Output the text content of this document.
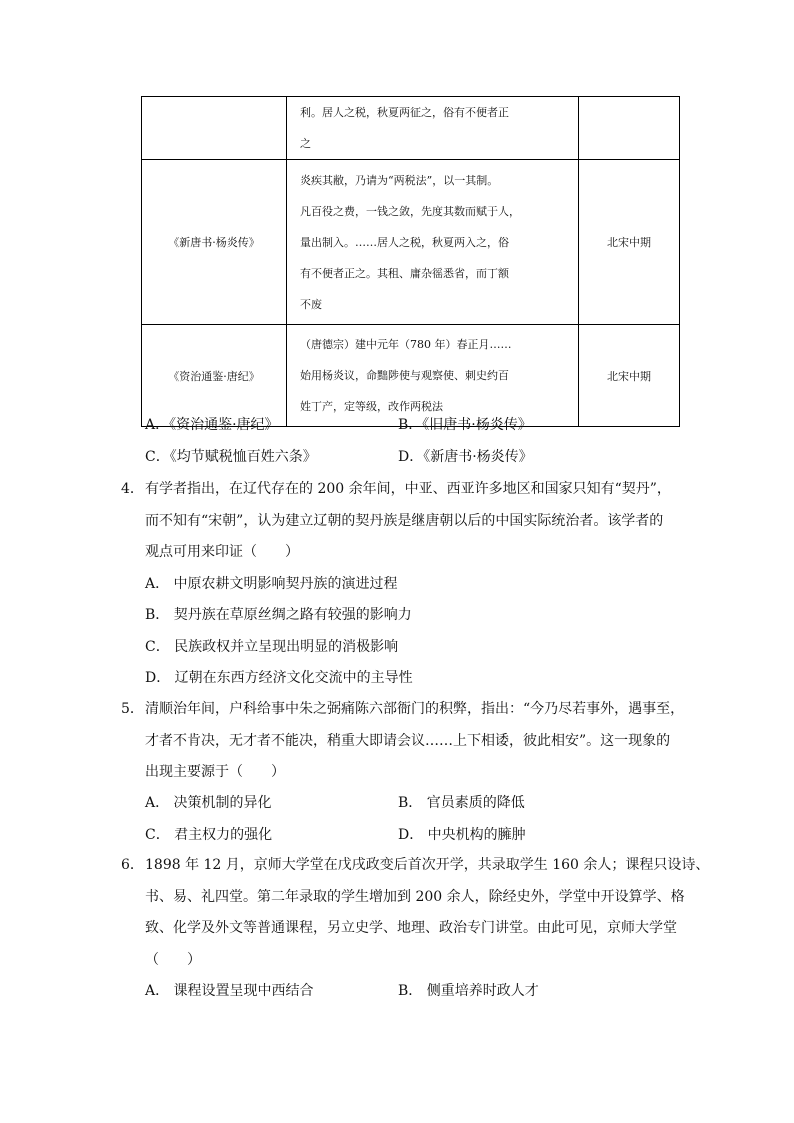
	利。居人之税，秋夏两征之，俗有不便者正
之	

《新唐书·杨炎传》	炎疾其敝，乃请为“两税法”，以一其制。
凡百役之费，一钱之敛，先度其数而赋于人，
量出制入。……居人之税，秋夏两入之，俗
有不便者正之。其租、庸杂徭悉省，而丁额
不废	北宋中期
《资治通鉴·唐纪》	（唐德宗）建中元年（780 年）春正月……
始用杨炎议，命黜陟使与观察使、刺史约百
姓丁产，定等级，改作两税法	北宋中期
A．《资治通鉴·唐纪》	B．《旧唐书·杨炎传》
C．《均节赋税恤百姓六条》	D．《新唐书·杨炎传》
4．有学者指出，在辽代存在的 200 余年间，中亚、西亚许多地区和国家只知有“契丹”，
而不知有“宋朝”，认为建立辽朝的契丹族是继唐朝以后的中国实际统治者。该学者的
观点可用来印证（　　）
A． 中原农耕文明影响契丹族的演进过程
B． 契丹族在草原丝绸之路有较强的影响力
C． 民族政权并立呈现出明显的消极影响
D． 辽朝在东西方经济文化交流中的主导性
5．清顺治年间，户科给事中朱之弼痛陈六部衙门的积弊，指出：“今乃尽若事外，遇事至，
才者不肯决，无才者不能决，稍重大即请会议……上下相诿，彼此相安”。这一现象的
出现主要源于（　　）
A． 决策机制的异化	B． 官员素质的降低
C． 君主权力的强化	D． 中央机构的臃肿
6．1898 年 12 月，京师大学堂在戊戌政变后首次开学，共录取学生 160 余人；课程只设诗、
书、易、礼四堂。第二年录取的学生增加到 200 余人，除经史外，学堂中开设算学、格
致、化学及外文等普通课程，另立史学、地理、政治专门讲堂。由此可见，京师大学堂
（　　）
A． 课程设置呈现中西结合	B． 侧重培养时政人才
